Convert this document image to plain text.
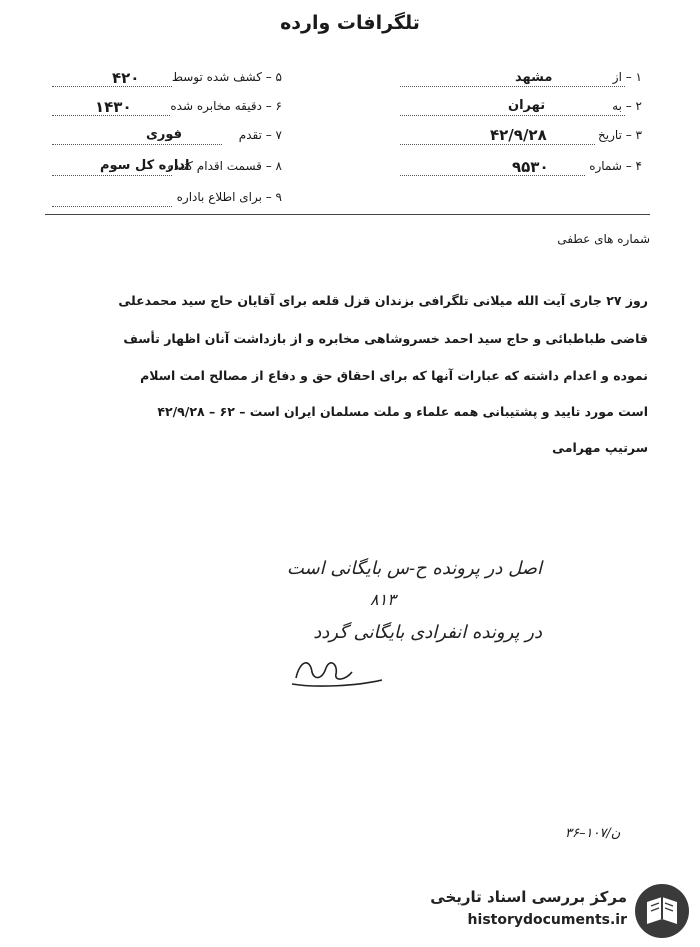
تلگرافات وارده
۱ – از
مشهد
۲ – به
تهران
۳ – تاریخ
۴۲/۹/۲۸
۴ – شماره
۹۵۳۰
۵ – کشف شده توسط
۴۲۰
۶ – دقیقه مخابره شده
۱۴۳۰
۷ – تقدم
فوری
۸ – قسمت اقدام کننده
اداره کل سوم
۹ – برای اطلاع باداره
شماره های عطفی
روز ۲۷ جاری آیت الله میلانی تلگرافی بزندان قزل قلعه برای آقایان حاج سید محمدعلی
قاضی طباطبائی و حاج سید احمد خسروشاهی مخابره و از بازداشت آنان اظهار تأسف
نموده و اعدام داشته که عبارات آنها که برای احقاق حق و دفاع از مصالح امت اسلام
است مورد تایید و پشتیبانی همه علماء و ملت مسلمان ایران است – ۶۲ – ۴۲/۹/۲۸
سرتیپ مهرامی
اصل در پرونده ح-س بایگانی است
۸۱۳
در پرونده انفرادی بایگانی گردد
ن/۱۰۷–۳۶
مرکز بررسی اسناد تاریخی
historydocuments.ir
